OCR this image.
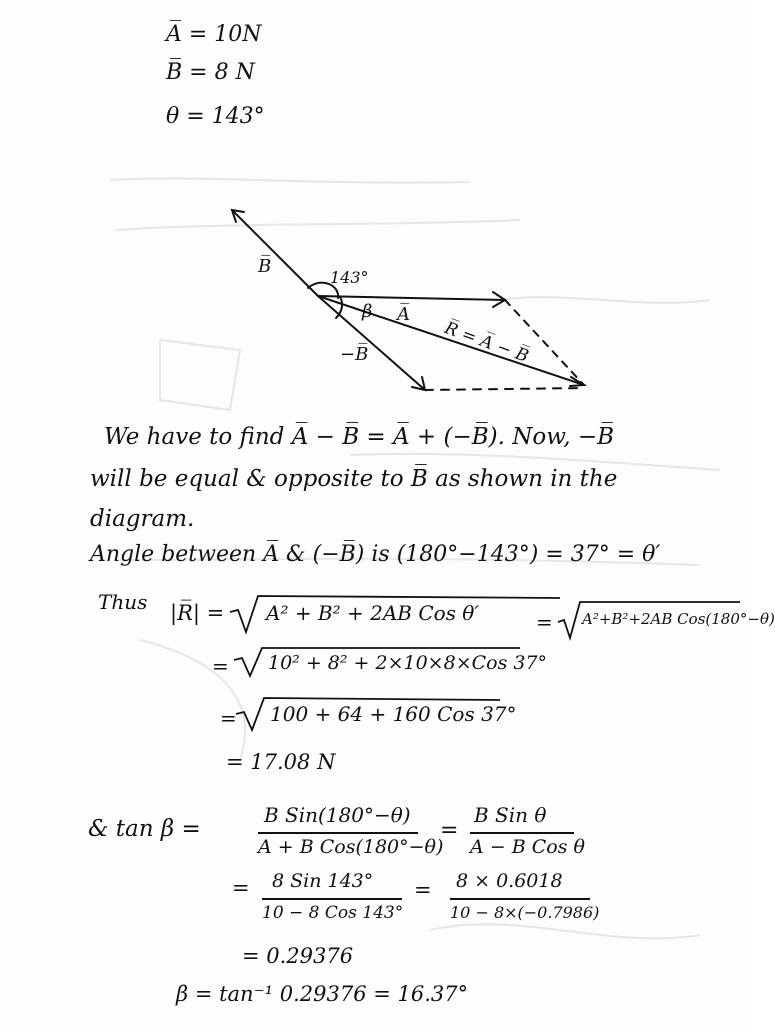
A̅ = 10N
B̅ = 8 N
θ = 143°
143°
β
B̅
A̅
−B̅	R̅ = A̅ − B̅
We have to find A̅ − B̅ = A̅ + (−B̅). Now, −B̅
will be equal & opposite to B̅ as shown in the
diagram.
Angle between A̅ & (−B̅) is (180°−143°) = 37° = θ′
Thus |R̅| = A² + B² + 2AB Cos θ′	= A²+B²+2AB Cos(180°−θ)
= 10² + 8² + 2×10×8×Cos 37°
= 100 + 64 + 160 Cos 37°
= 17.08 N
& tan β =
B Sin(180°−θ)
A + B Cos(180°−θ)
=
B Sin θ
A − B Cos θ
= 8 Sin 143°
10 − 8 Cos 143°
= 8 × 0.6018
10 − 8×(−0.7986)
= 0.29376
β = tan⁻¹ 0.29376 = 16.37°
